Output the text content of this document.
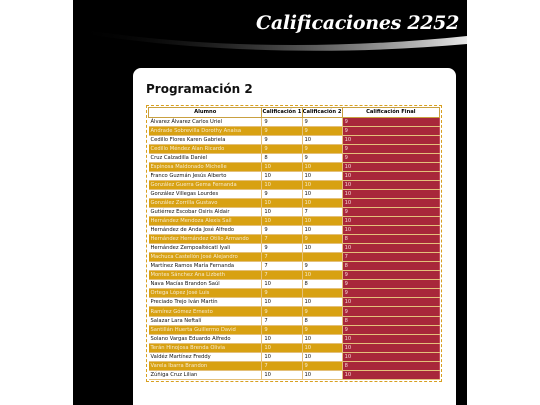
Calificaciones 2252
Programación 2
Alumno	Calificación 1	Calificación 2	Calificación Final
Álvarez Álvarez Carlos Uriel	9	9	9
Andrade Sobrevilla Dorothy Anaisa	9	9	9
Cedillo Flores Karen Gabriela	9	10	10
Cedillo Méndez Alan Ricardo	9	9	9
Cruz Calzadilla Daniel	8	9	9
Espinosa Maldonado Michelle	10	10	10
Franco Guzmán Jesús Alberto	10	10	10
González Guerra Gema Fernanda	10	10	10
González Villegas Lourdes	9	10	10
González Zorrilla Gustavo	10	10	10
Gutiérrez Escobar Osiris Aldair	10	7	9
Hernández Mendoza Alexis Saíl	10	10	10
Hernández de Anda José Alfredo	9	10	10
Hernández Hernández Otilio Armando	7	9	8
Hernández Zempoaltécatl Iyali	9	10	10
Machuca Castellón José Alejandro	7		7
Martínez Ramos María Fernanda	7	9	8
Montes Sánchez Ana Lizbeth	7	10	9
Nava Macías Brandon Saúl	10	8	9
Ortega López José Luis	9		9
Preciado Trejo Iván Martín	10	10	10
Ramírez Gómez Ernesto	9	9	9
Salazar Lara Neftalí	7	8	8
Santillán Huerta Guillermo David	9	9	9
Solano Vargas Eduardo Alfredo	10	10	10
Terán Hinojosa Brenda Olivia	10	10	10
Valdéz Martínez Freddy	10	10	10
Varela Ibarra Brandon	7	9	8
Zúñiga Cruz Lilian	10	10	10
